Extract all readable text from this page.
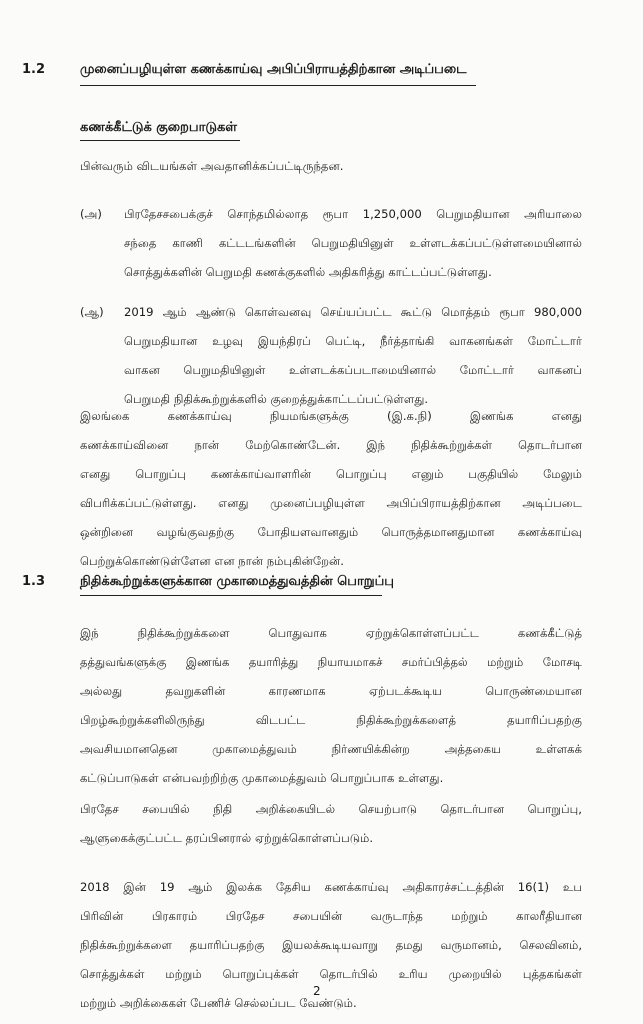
1.2	முனைப்பழியுள்ள கணக்காய்வு அபிப்பிராயத்திற்கான அடிப்படை
கணக்கீட்டுக் குறைபாடுகள்
பின்வரும் விடயங்கள் அவதானிக்கப்பட்டிருந்தன.
(அ) பிரதேசசபைக்குச் சொந்தமில்லாத ரூபா 1,250,000 பெறுமதியான அரியாலை

சந்தை காணி கட்டடங்களின் பெறுமதியினுள் உள்ளடக்கப்பட்டுள்ளமையினால்

சொத்துக்களின் பெறுமதி கணக்குகளில் அதிகரித்து காட்டப்பட்டுள்ளது.

(ஆ) 2019 ஆம் ஆண்டு கொள்வனவு செய்யப்பட்ட கூட்டு மொத்தம் ரூபா 980,000

பெறுமதியான உழவு இயந்திரப் பெட்டி, நீர்த்தாங்கி வாகனங்கள் மோட்டார்

வாகன பெறுமதியினுள் உள்ளடக்கப்படாமையினால் மோட்டார் வாகனப்

பெறுமதி நிதிக்கூற்றுக்களில் குறைத்துக்காட்டப்பட்டுள்ளது.

இலங்கை கணக்காய்வு நியமங்களுக்கு (இ.க.நி) இணங்க எனது

கணக்காய்வினை நான் மேற்கொண்டேன். இந் நிதிக்கூற்றுக்கள் தொடர்பான

எனது பொறுப்பு கணக்காய்வாளரின் பொறுப்பு எனும் பகுதியில் மேலும்

விபரிக்கப்பட்டுள்ளது. எனது முனைப்பழியுள்ள அபிப்பிராயத்திற்கான அடிப்படை

ஒன்றினை வழங்குவதற்கு போதியளவானதும் பொருத்தமானதுமான கணக்காய்வு

பெற்றுக்கொண்டுள்ளேன என நான் நம்புகின்றேன்.

1.3	நிதிக்கூற்றுக்களுக்கான முகாமைத்துவத்தின் பொறுப்பு

இந் நிதிக்கூற்றுக்களை பொதுவாக ஏற்றுக்கொள்ளப்பட்ட கணக்கீட்டுத்

தத்துவங்களுக்கு இணங்க தயாரித்து நியாயமாகச் சமர்ப்பித்தல் மற்றும் மோசடி

அல்லது தவறுகளின் காரணமாக ஏற்படக்கூடிய பொருண்மையான

பிறழ்கூற்றுக்களிலிருந்து விடபட்ட நிதிக்கூற்றுக்களைத் தயாரிப்பதற்கு

அவசியமானதென முகாமைத்துவம் நிர்ணயிக்கின்ற அத்தகைய உள்ளகக்

கட்டுப்பாடுகள் என்பவற்றிற்கு முகாமைத்துவம் பொறுப்பாக உள்ளது.

பிரதேச சபையில் நிதி அறிக்கையிடல் செயற்பாடு தொடர்பான பொறுப்பு,

ஆளுகைக்குட்பட்ட தரப்பினரால் ஏற்றுக்கொள்ளப்படும்.

2018 இன் 19 ஆம் இலக்க தேசிய கணக்காய்வு அதிகாரச்சட்டத்தின் 16(1) உப

பிரிவின் பிரகாரம் பிரதேச சபையின் வருடாந்த மற்றும் காலரீதியான

நிதிக்கூற்றுக்களை தயாரிப்பதற்கு இயலக்கூடியவாறு தமது வருமானம், செலவினம்,

சொத்துக்கள் மற்றும் பொறுப்புக்கள் தொடர்பில் உரிய முறையில் புத்தகங்கள்

மற்றும் அறிக்கைகள் பேணிச் செல்லப்பட வேண்டும்.

2
